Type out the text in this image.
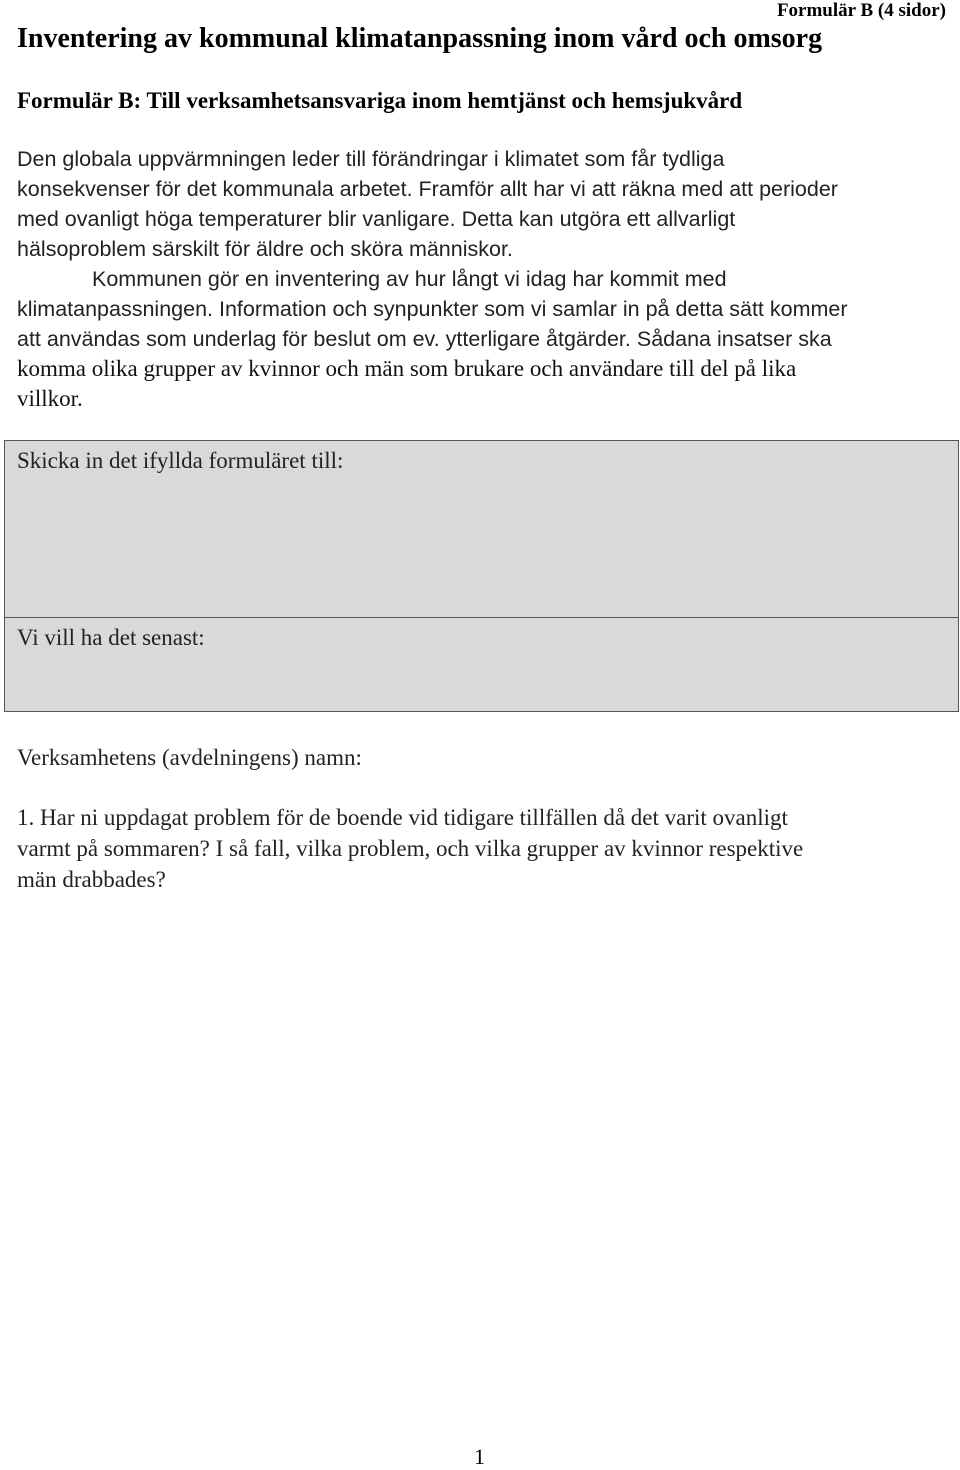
Formulär B (4 sidor)
Inventering av kommunal klimatanpassning inom vård och omsorg
Formulär B: Till verksamhetsansvariga inom hemtjänst och hemsjukvård
Den globala uppvärmningen leder till förändringar i klimatet som får tydliga
konsekvenser för det kommunala arbetet. Framför allt har vi att räkna med att perioder
med ovanligt höga temperaturer blir vanligare. Detta kan utgöra ett allvarligt
hälsoproblem särskilt för äldre och sköra människor.
Kommunen gör en inventering av hur långt vi idag har kommit med
klimatanpassningen. Information och synpunkter som vi samlar in på detta sätt kommer
att användas som underlag för beslut om ev. ytterligare åtgärder. Sådana insatser ska
komma olika grupper av kvinnor och män som brukare och användare till del på lika
villkor.
Skicka in det ifyllda formuläret till:
Vi vill ha det senast:
Verksamhetens (avdelningens) namn:
1. Har ni uppdagat problem för de boende vid tidigare tillfällen då det varit ovanligt
varmt på sommaren? I så fall, vilka problem, och vilka grupper av kvinnor respektive
män drabbades?
1
